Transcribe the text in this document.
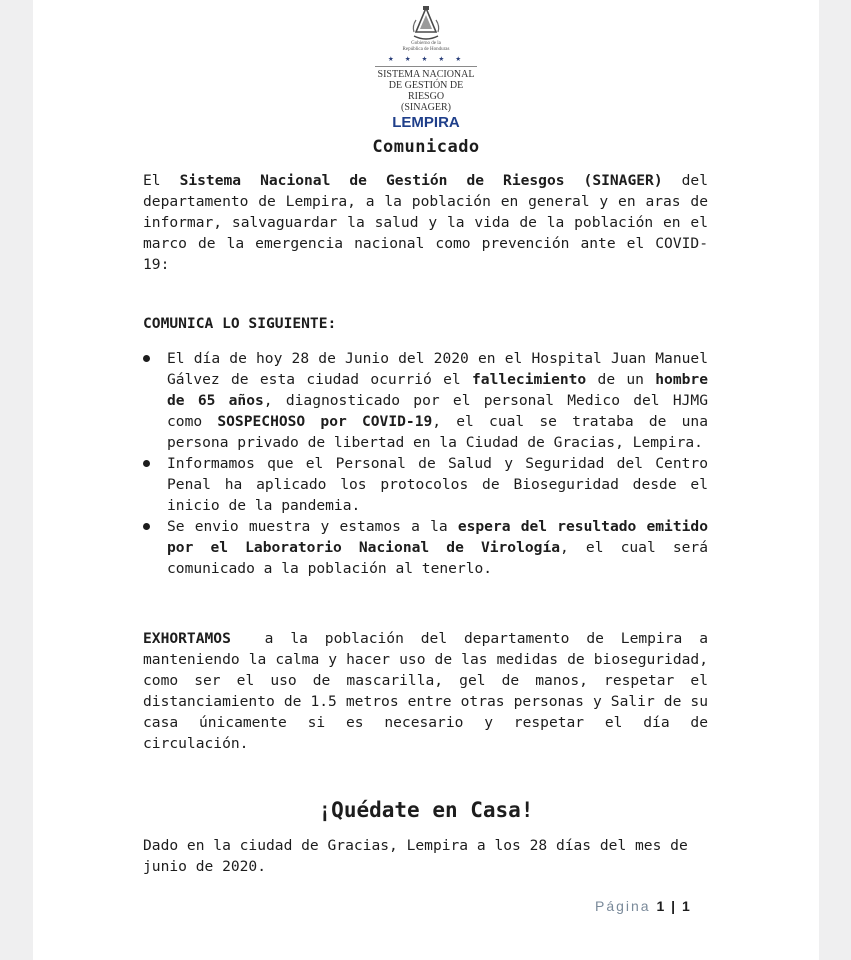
Gobierno de la
República de Honduras
★ ★ ★ ★ ★
SISTEMA NACIONAL
DE GESTIÓN DE RIESGO
(SINAGER)
LEMPIRA
Comunicado

El Sistema Nacional de Gestión de Riesgos (SINAGER) del departamento de Lempira, a la población en general y en aras de informar, salvaguardar la salud y la vida de la población en el marco de la emergencia nacional como prevención ante el COVID-19:

COMUNICA LO SIGUIENTE:
El día de hoy 28 de Junio del 2020 en el Hospital Juan Manuel Gálvez de esta ciudad ocurrió el fallecimiento de un hombre de 65 años, diagnosticado por el personal Medico del HJMG como SOSPECHOSO por COVID-19, el cual se trataba de una persona privado de libertad en la Ciudad de Gracias, Lempira.
Informamos que el Personal de Salud y Seguridad del Centro Penal ha aplicado los protocolos de Bioseguridad desde el inicio de la pandemia.
Se envio muestra y estamos a la espera del resultado emitido por el Laboratorio Nacional de Virología, el cual será comunicado a la población al tenerlo.

EXHORTAMOS  a la población del departamento de Lempira a manteniendo la calma y hacer uso de las medidas de bioseguridad, como ser el uso de mascarilla, gel de manos, respetar el distanciamiento de 1.5 metros entre otras personas y Salir de su casa únicamente si es necesario y respetar el día de circulación.

¡Quédate en Casa!

Dado en la ciudad de Gracias, Lempira a los 28 días del mes de junio de 2020.

Página 1 | 1
